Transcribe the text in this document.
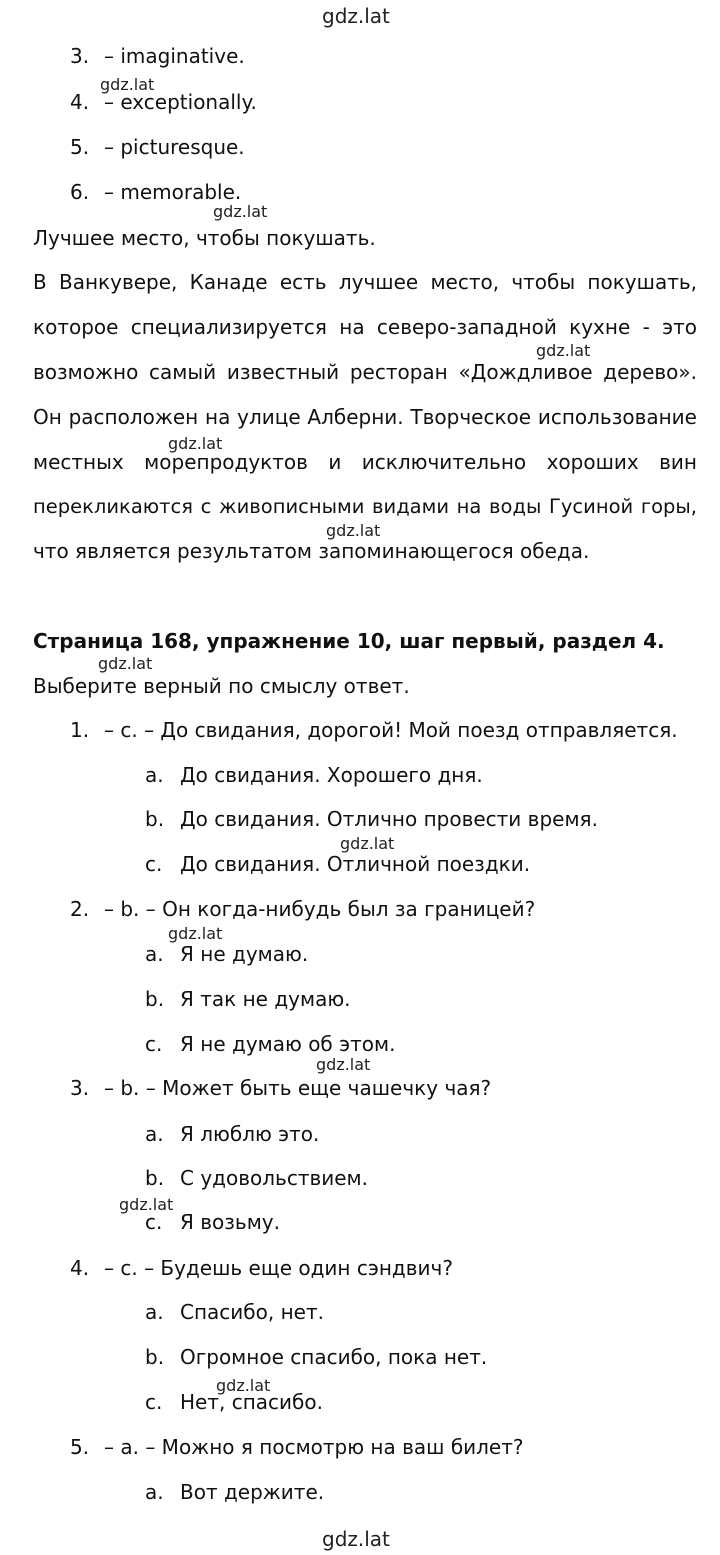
gdz.lat
gdz.lat
gdz.lat
gdz.lat
gdz.lat
gdz.lat
gdz.lat
gdz.lat
gdz.lat
gdz.lat
gdz.lat
gdz.lat
gdz.lat
3. – imaginative.
4. – exceptionally.
5. – picturesque.
6. – memorable.
Лучшее место, чтобы покушать.
В Ванкувере, Канаде есть лучшее место, чтобы покушать,
которое специализируется на северо-западной кухне - это
возможно самый известный ресторан «Дождливое дерево».
Он расположен на улице Алберни. Творческое использование
местных морепродуктов и исключительно хороших вин
перекликаются с живописными видами на воды Гусиной горы,
что является результатом запоминающегося обеда.
Страница 168, упражнение 10, шаг первый, раздел 4.
Выберите верный по смыслу ответ.
1. – с. – До свидания, дорогой! Мой поезд отправляется.
a. До свидания. Хорошего дня.
b. До свидания. Отлично провести время.
c. До свидания. Отличной поездки.
2. – b. – Он когда-нибудь был за границей?
a. Я не думаю.
b. Я так не думаю.
c. Я не думаю об этом.
3. – b. – Может быть еще чашечку чая?
a. Я люблю это.
b. С удовольствием.
c. Я возьму.
4. – с. – Будешь еще один сэндвич?
a. Спасибо, нет.
b. Огромное спасибо, пока нет.
c. Нет, спасибо.
5. – а. – Можно я посмотрю на ваш билет?
a. Вот держите.
